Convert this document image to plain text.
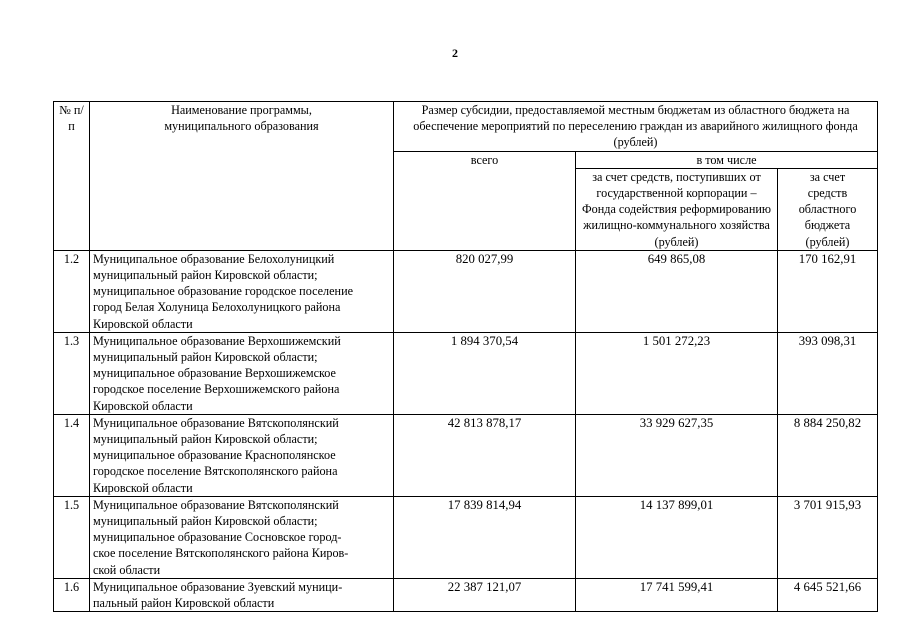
2
№ п/п	Наименование программы, муниципального образования	Размер субсидии, предоставляемой местным бюджетам из областного бюджета на обеспечение мероприятий по переселению граждан из аварийного жилищного фонда (рублей)		
		всего	в том числе	
			за счет средств, поступивших от государственной корпорации – Фонда содействия реформированию жилищно-коммунального хозяйства (рублей)	за счет средств областного бюджета (рублей)
1.2	Муниципальное образование Белохолуницкий
муниципальный район Кировской области;
муниципальное образование городское поселение
город Белая Холуница Белохолуницкого района
Кировской области	820 027,99	649 865,08	170 162,91
1.3	Муниципальное образование Верхошижемский
муниципальный район Кировской области;
муниципальное образование Верхошижемское
городское поселение Верхошижемского района
Кировской области	1 894 370,54	1 501 272,23	393 098,31
1.4	Муниципальное образование Вятскополянский
муниципальный район Кировской области;
муниципальное образование Краснополянское
городское поселение Вятскополянского района
Кировской области	42 813 878,17	33 929 627,35	8 884 250,82
1.5	Муниципальное образование Вятскополянский
муниципальный район Кировской области;
муниципальное образование Сосновское город-
ское поселение Вятскополянского района Киров-
ской области	17 839 814,94	14 137 899,01	3 701 915,93
1.6	Муниципальное образование Зуевский муници-
пальный район Кировской области	22 387 121,07	17 741 599,41	4 645 521,66
